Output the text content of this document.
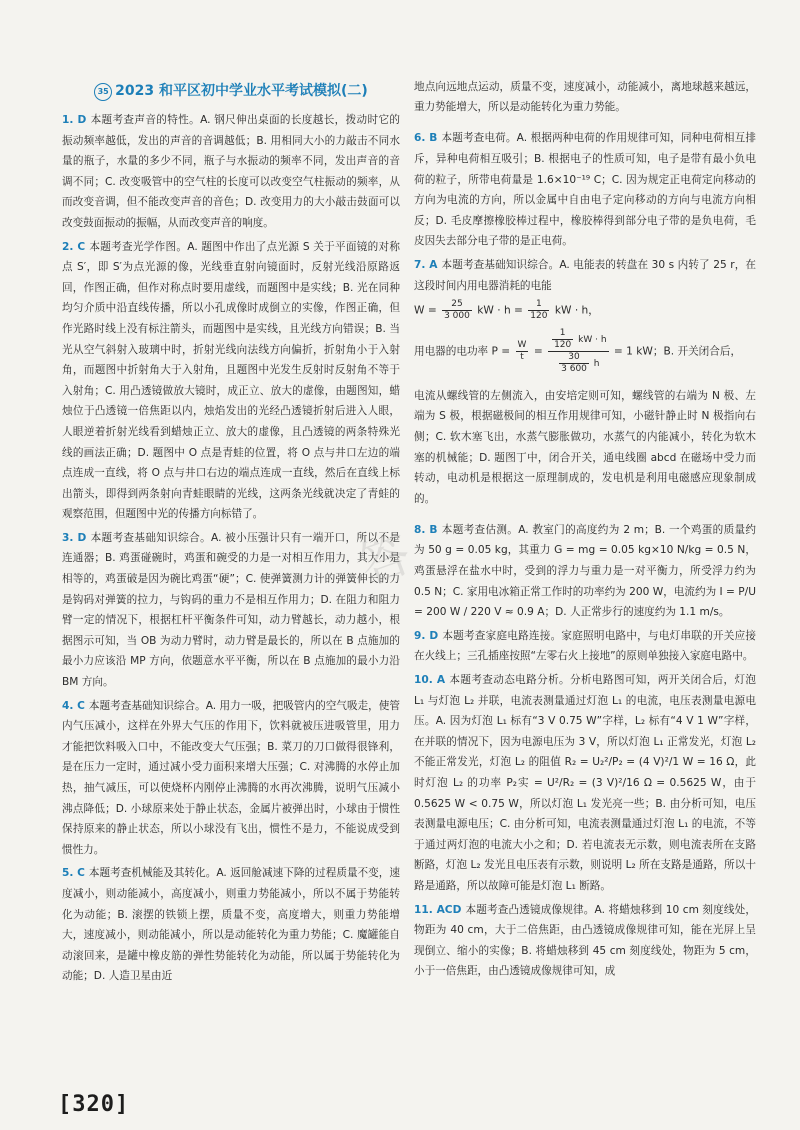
35 2023 和平区初中学业水平考试模拟(二)

1. D 本题考查声音的特性。A. 钢尺伸出桌面的长度越长，拨动时它的振动频率越低，发出的声音的音调越低；B. 用相同大小的力敲击不同水量的瓶子，水量的多少不同，瓶子与水振动的频率不同，发出声音的音调不同；C. 改变吸管中的空气柱的长度可以改变空气柱振动的频率，从而改变音调，但不能改变声音的音色；D. 改变用力的大小敲击鼓面可以改变鼓面振动的振幅，从而改变声音的响度。

2. C 本题考查光学作图。A. 题图中作出了点光源 S 关于平面镜的对称点 S′，即 S′为点光源的像，光线垂直射向镜面时，反射光线沿原路返回，作图正确，但作对称点时要用虚线，而题图中是实线；B. 光在同种均匀介质中沿直线传播，所以小孔成像时成倒立的实像，作图正确，但作光路时线上没有标注箭头，而题图中是实线，且光线方向错误；B. 当光从空气斜射入玻璃中时，折射光线向法线方向偏折，折射角小于入射角，而题图中折射角大于入射角，且题图中光发生反射时反射角不等于入射角；C. 用凸透镜做放大镜时，成正立、放大的虚像，由题图知，蜡烛位于凸透镜一倍焦距以内，烛焰发出的光经凸透镜折射后进入人眼，人眼逆着折射光线看到蜡烛正立、放大的虚像，且凸透镜的两条特殊光线的画法正确；D. 题图中 O 点是青蛙的位置，将 O 点与井口左边的端点连成一直线，将 O 点与井口右边的端点连成一直线，然后在直线上标出箭头，即得到两条射向青蛙眼睛的光线，这两条光线就决定了青蛙的观察范围，但题图中光的传播方向标错了。

3. D 本题考查基础知识综合。A. 被小压强计只有一端开口，所以不是连通器；B. 鸡蛋碰碗时，鸡蛋和碗受的力是一对相互作用力，其大小是相等的，鸡蛋破是因为碗比鸡蛋“硬”；C. 使弹簧测力计的弹簧伸长的力是钩码对弹簧的拉力，与钩码的重力不是相互作用力；D. 在阻力和阻力臂一定的情况下，根据杠杆平衡条件可知，动力臂越长，动力越小，根据图示可知，当 OB 为动力臂时，动力臂是最长的，所以在 B 点施加的最小力应该沿 MP 方向，依题意水平平衡，所以在 B 点施加的最小力沿 BM 方向。

4. C 本题考查基础知识综合。A. 用力一吸，把吸管内的空气吸走，使管内气压减小，这样在外界大气压的作用下，饮料就被压进吸管里，用力才能把饮料吸入口中，不能改变大气压强；B. 菜刀的刀口做得很锋利，是在压力一定时，通过减小受力面积来增大压强；C. 对沸腾的水停止加热，抽气减压，可以使烧杯内刚停止沸腾的水再次沸腾，说明气压减小沸点降低；D. 小球原来处于静止状态，金属片被弹出时，小球由于惯性保持原来的静止状态，所以小球没有飞出，惯性不是力，不能说成受到惯性力。

5. C 本题考查机械能及其转化。A. 返回舱减速下降的过程质量不变，速度减小，则动能减小，高度减小，则重力势能减小，所以不属于势能转化为动能；B. 滚摆的铁锁上摆，质量不变，高度增大，则重力势能增大，速度减小，则动能减小，所以是动能转化为重力势能；C. 魔罐能自动滚回来，是罐中橡皮筋的弹性势能转化为动能，所以属于势能转化为动能；D. 人造卫星由近

地点向远地点运动，质量不变，速度减小，动能减小，离地球越来越远，重力势能增大，所以是动能转化为重力势能。

6. B 本题考查电荷。A. 根据两种电荷的作用规律可知，同种电荷相互排斥，异种电荷相互吸引；B. 根据电子的性质可知，电子是带有最小负电荷的粒子，所带电荷量是 1.6×10⁻¹⁹ C；C. 因为规定正电荷定向移动的方向为电流的方向，所以金属中自由电子定向移动的方向与电流方向相反；D. 毛皮摩擦橡胶棒过程中，橡胶棒得到部分电子带的是负电荷，毛皮因失去部分电子带的是正电荷。

7. A 本题考查基础知识综合。A. 电能表的转盘在 30 s 内转了 25 r，在这段时间内用电器消耗的电能

$W = \frac{25}{3 000}$ kW · $h = \frac{1}{120}$ kW · h，
用电器的电功率 $P = \frac{W}{t} = \frac{\frac{1}{120} kW \cdot h}{\frac{30}{3 600} h} = 1$ kW；B. 开关闭合后，

电流从螺线管的左侧流入，由安培定则可知，螺线管的右端为 N 极、左端为 S 极，根据磁极间的相互作用规律可知，小磁针静止时 N 极指向右侧；C. 软木塞飞出，水蒸气膨胀做功，水蒸气的内能减小，转化为软木塞的机械能；D. 题图丁中，闭合开关，通电线圈 abcd 在磁场中受力而转动，电动机是根据这一原理制成的，发电机是利用电磁感应现象制成的。

8. B 本题考查估测。A. 教室门的高度约为 2 m；B. 一个鸡蛋的质量约为 50 g = 0.05 kg，其重力 G = mg = 0.05 kg×10 N/kg = 0.5 N，鸡蛋悬浮在盐水中时，受到的浮力与重力是一对平衡力，所受浮力约为 0.5 N；C. 家用电冰箱正常工作时的功率约为 200 W，电流约为 I = P/U = 200 W / 220 V ≈ 0.9 A；D. 人正常步行的速度约为 1.1 m/s。

9. D 本题考查家庭电路连接。家庭照明电路中，与电灯串联的开关应接在火线上；三孔插座按照“左零右火上接地”的原则单独接入家庭电路中。

10. A 本题考查动态电路分析。分析电路图可知，两开关闭合后，灯泡 L₁ 与灯泡 L₂ 并联，电流表测量通过灯泡 L₁ 的电流，电压表测量电源电压。A. 因为灯泡 L₁ 标有“3 V 0.75 W”字样，L₂ 标有“4 V 1 W”字样，在并联的情况下，因为电源电压为 3 V，所以灯泡 L₁ 正常发光，灯泡 L₂ 不能正常发光，灯泡 L₂ 的阻值 R₂ = U₂²/P₂ = (4 V)²/1 W = 16 Ω，此时灯泡 L₂ 的功率 P₂实 = U²/R₂ = (3 V)²/16 Ω = 0.5625 W，由于 0.5625 W < 0.75 W，所以灯泡 L₁ 发光亮一些；B. 由分析可知，电压表测量电源电压；C. 由分析可知，电流表测量通过灯泡 L₁ 的电流，不等于通过两灯泡的电流大小之和；D. 若电流表无示数，则电流表所在支路断路，灯泡 L₂ 发光且电压表有示数，则说明 L₂ 所在支路是通路，所以十路是通路，所以故障可能是灯泡 L₁ 断路。

11. ACD 本题考查凸透镜成像规律。A. 将蜡烛移到 10 cm 刻度线处，物距为 40 cm，大于二倍焦距，由凸透镜成像规律可知，能在光屏上呈现倒立、缩小的实像；B. 将蜡烛移到 45 cm 刻度线处，物距为 5 cm，小于一倍焦距，由凸透镜成像规律可知，成

答
[320]
